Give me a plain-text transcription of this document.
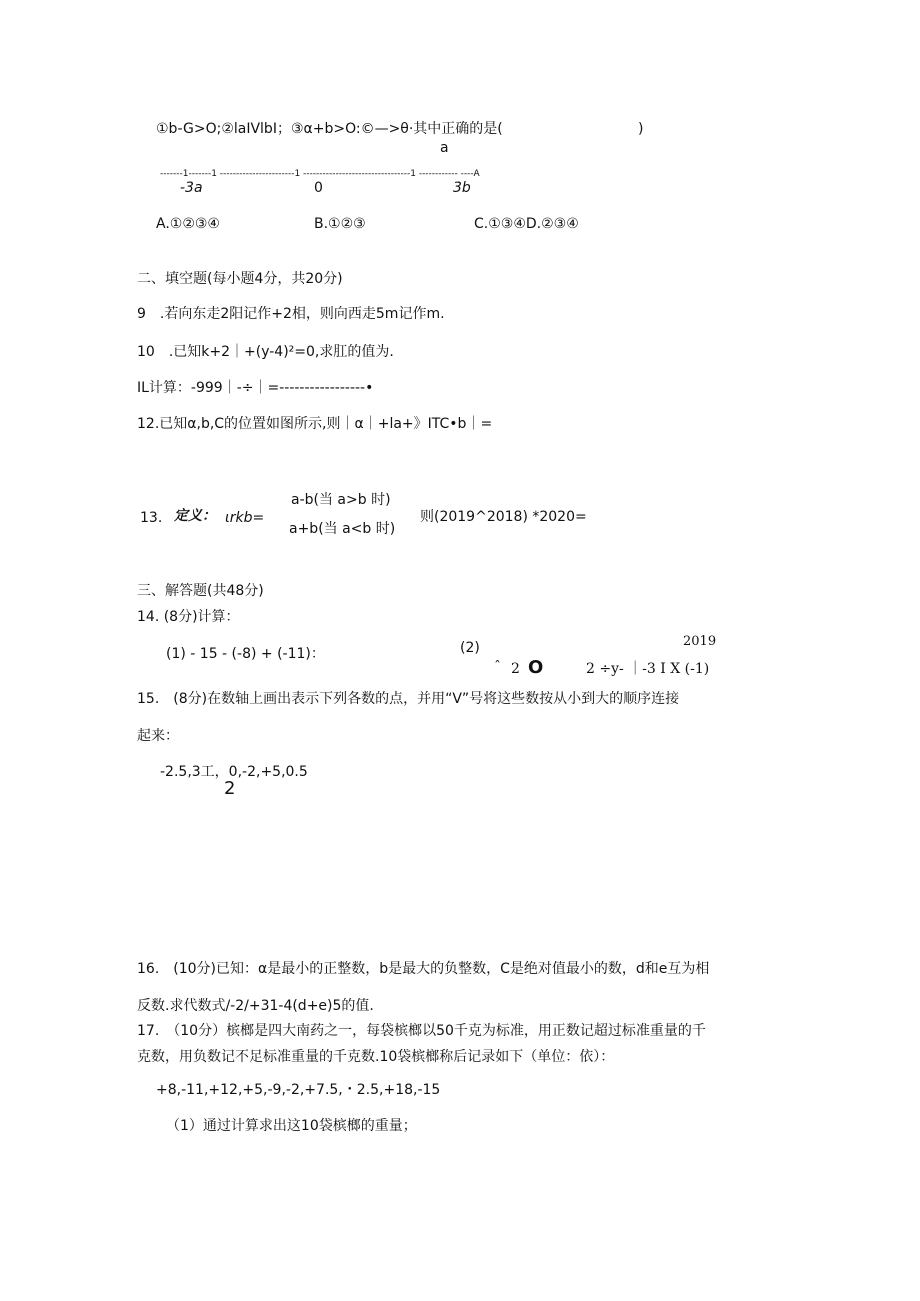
①b-G>O;②laIVlbI；③α+b>O:©—>θ·其中正确的是(	)
a
-------1-------1 -----------------------1 ---------------------------------1 ------------ ----A
-3a	0	3b
A.①②③④	B.①②③	C.①③④D.②③④
二、填空题(每小题4分，共20分)
9　.若向东走2阳记作+2相，则向西走5m记作m.
10　.已知k+2｜+(y-4)²=0,求肛的值为.
IL计算：-999｜-÷｜=-----------------•
12.已知α,b,C的位置如图所示,则｜α｜+la+》ITC•b｜=
13. 定义： ιrkb=
a-b(当 a>b 时)
a+b(当 a<b 时)
则(2019^2018) *2020=
三、解答题(共48分)
14. (8分)计算：
(1) - 15 - (-8) + (-11)：	(2)	2019
ˆ 2 O	2 ÷y- ｜-3 I X (-1)
15.　(8分)在数轴上画出表示下列各数的点，并用“V”号将这些数按从小到大的顺序连接
起来：
-2.5,3工，0,-2,+5,0.5
2
16.　(10分)已知：α是最小的正整数，b是最大的负整数，C是绝对值最小的数，d和e互为相
反数.求代数式/-2/+31-4(d+e)5的值.
17.　（10分）槟榔是四大南药之一，每袋槟榔以50千克为标准，用正数记超过标准重量的千
克数，用负数记不足标准重量的千克数.10袋槟榔称后记录如下（单位：依）：
+8,-11,+12,+5,-9,-2,+7.5,・2.5,+18,-15
（1）通过计算求出这10袋槟榔的重量；
